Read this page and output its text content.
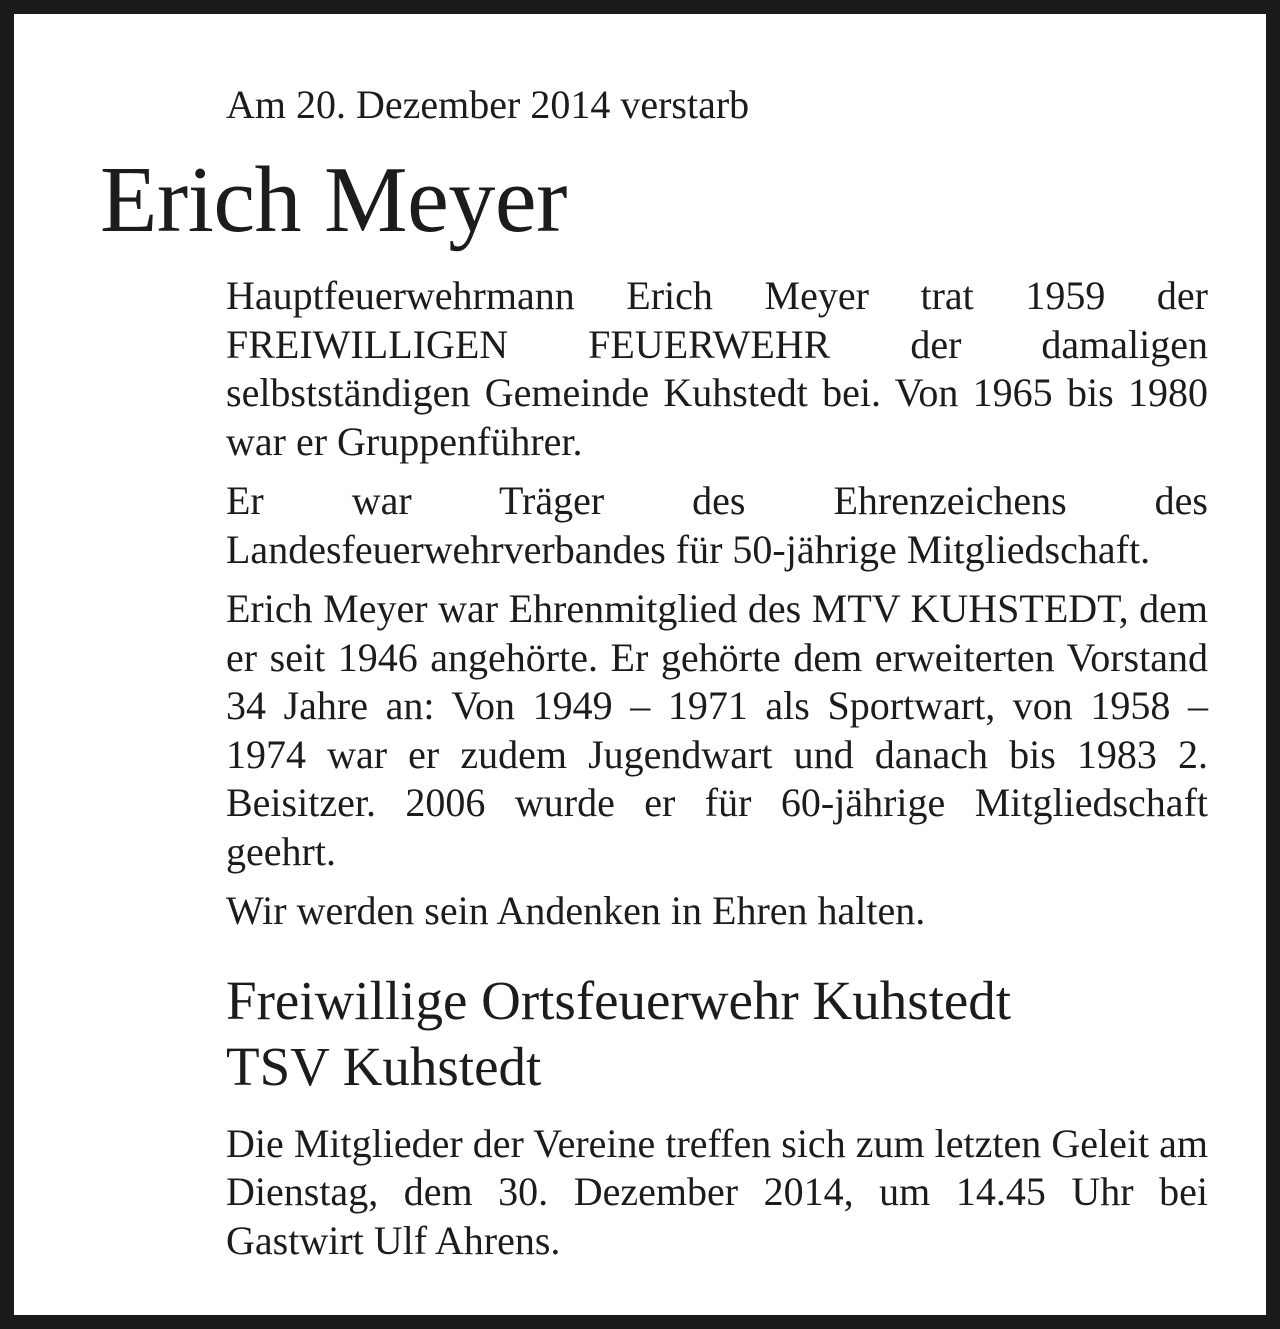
Am 20. Dezember 2014 verstarb
Erich Meyer

Hauptfeuerwehrmann Erich Meyer trat 1959 der FREIWILLIGEN FEUERWEHR der damaligen selbstständigen Gemeinde Kuhstedt bei. Von 1965 bis 1980 war er Gruppenführer.

Er war Träger des Ehrenzeichens des Landesfeuerwehrverbandes für 50-jährige Mitgliedschaft.

Erich Meyer war Ehrenmitglied des MTV KUHSTEDT, dem er seit 1946 angehörte. Er gehörte dem erweiterten Vorstand 34 Jahre an: Von 1949 – 1971 als Sportwart, von 1958 – 1974 war er zudem Jugendwart und danach bis 1983 2. Beisitzer. 2006 wurde er für 60-jährige Mitgliedschaft geehrt.

Wir werden sein Andenken in Ehren halten.

Freiwillige Ortsfeuerwehr Kuhstedt
TSV Kuhstedt

Die Mitglieder der Vereine treffen sich zum letzten Geleit am Dienstag, dem 30. Dezember 2014, um 14.45 Uhr bei Gastwirt Ulf Ahrens.
